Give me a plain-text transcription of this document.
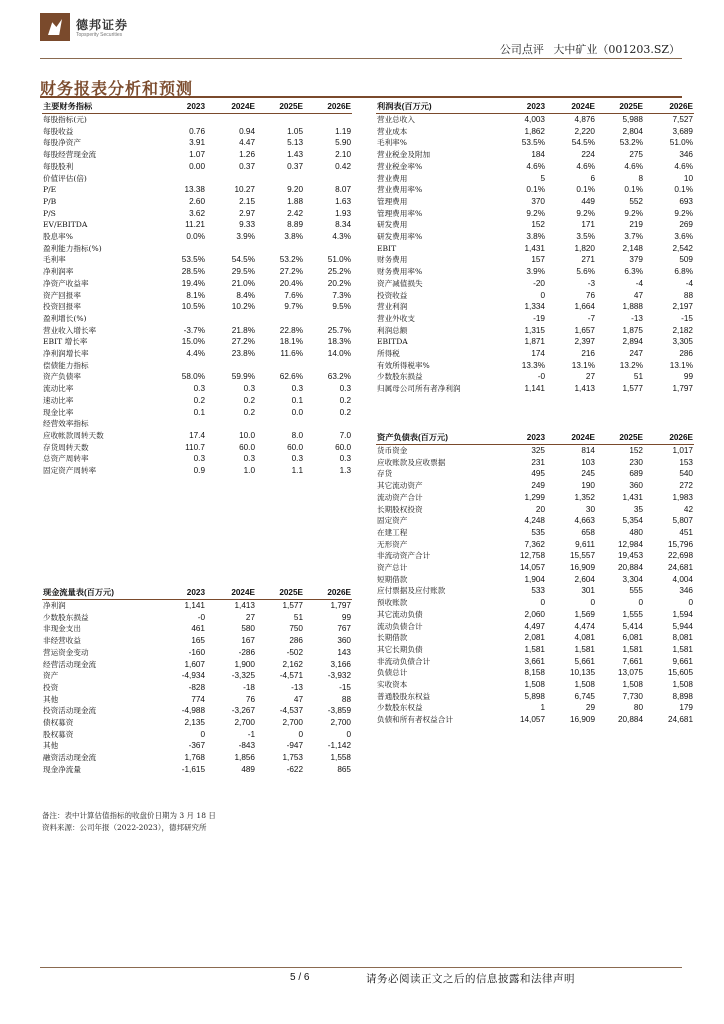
德邦证券
Topsperity Securities
公司点评 大中矿业（001203.SZ）
财务报表分析和预测
主要财务指标	2023	2024E	2025E	2026E
每股指标(元)				
每股收益	0.76	0.94	1.05	1.19
每股净资产	3.91	4.47	5.13	5.90
每股经营现金流	1.07	1.26	1.43	2.10
每股股利	0.00	0.37	0.37	0.42
价值评估(倍)				
P/E	13.38	10.27	9.20	8.07
P/B	2.60	2.15	1.88	1.63
P/S	3.62	2.97	2.42	1.93
EV/EBITDA	11.21	9.33	8.89	8.34
股息率%	0.0%	3.9%	3.8%	4.3%
盈利能力指标(%)				
毛利率	53.5%	54.5%	53.2%	51.0%
净利润率	28.5%	29.5%	27.2%	25.2%
净资产收益率	19.4%	21.0%	20.4%	20.2%
资产回报率	8.1%	8.4%	7.6%	7.3%
投资回报率	10.5%	10.2%	9.7%	9.5%
盈利增长(%)				
营业收入增长率	-3.7%	21.8%	22.8%	25.7%
EBIT 增长率	15.0%	27.2%	18.1%	18.3%
净利润增长率	4.4%	23.8%	11.6%	14.0%
偿债能力指标				
资产负债率	58.0%	59.9%	62.6%	63.2%
流动比率	0.3	0.3	0.3	0.3
速动比率	0.2	0.2	0.1	0.2
现金比率	0.1	0.2	0.0	0.2
经营效率指标				
应收帐款周转天数	17.4	10.0	8.0	7.0
存货周转天数	110.7	60.0	60.0	60.0
总资产周转率	0.3	0.3	0.3	0.3
固定资产周转率	0.9	1.0	1.1	1.3
利润表(百万元)	2023	2024E	2025E	2026E
营业总收入	4,003	4,876	5,988	7,527
营业成本	1,862	2,220	2,804	3,689
毛利率%	53.5%	54.5%	53.2%	51.0%
营业税金及附加	184	224	275	346
营业税金率%	4.6%	4.6%	4.6%	4.6%
营业费用	5	6	8	10
营业费用率%	0.1%	0.1%	0.1%	0.1%
管理费用	370	449	552	693
管理费用率%	9.2%	9.2%	9.2%	9.2%
研发费用	152	171	219	269
研发费用率%	3.8%	3.5%	3.7%	3.6%
EBIT	1,431	1,820	2,148	2,542
财务费用	157	271	379	509
财务费用率%	3.9%	5.6%	6.3%	6.8%
资产减值损失	-20	-3	-4	-4
投资收益	0	76	47	88
营业利润	1,334	1,664	1,888	2,197
营业外收支	-19	-7	-13	-15
利润总额	1,315	1,657	1,875	2,182
EBITDA	1,871	2,397	2,894	3,305
所得税	174	216	247	286
有效所得税率%	13.3%	13.1%	13.2%	13.1%
少数股东损益	-0	27	51	99
归属母公司所有者净利润	1,141	1,413	1,577	1,797
资产负债表(百万元)	2023	2024E	2025E	2026E
货币资金	325	814	152	1,017
应收账款及应收票据	231	103	230	153
存货	495	245	689	540
其它流动资产	249	190	360	272
流动资产合计	1,299	1,352	1,431	1,983
长期股权投资	20	30	35	42
固定资产	4,248	4,663	5,354	5,807
在建工程	535	658	480	451
无形资产	7,362	9,611	12,984	15,796
非流动资产合计	12,758	15,557	19,453	22,698
资产总计	14,057	16,909	20,884	24,681
短期借款	1,904	2,604	3,304	4,004
应付票据及应付账款	533	301	555	346
预收账款	0	0	0	0
其它流动负债	2,060	1,569	1,555	1,594
流动负债合计	4,497	4,474	5,414	5,944
长期借款	2,081	4,081	6,081	8,081
其它长期负债	1,581	1,581	1,581	1,581
非流动负债合计	3,661	5,661	7,661	9,661
负债总计	8,158	10,135	13,075	15,605
实收资本	1,508	1,508	1,508	1,508
普通股股东权益	5,898	6,745	7,730	8,898
少数股东权益	1	29	80	179
负债和所有者权益合计	14,057	16,909	20,884	24,681
现金流量表(百万元)	2023	2024E	2025E	2026E
净利润	1,141	1,413	1,577	1,797
少数股东损益	-0	27	51	99
非现金支出	461	580	750	767
非经营收益	165	167	286	360
营运资金变动	-160	-286	-502	143
经营活动现金流	1,607	1,900	2,162	3,166
资产	-4,934	-3,325	-4,571	-3,932
投资	-828	-18	-13	-15
其他	774	76	47	88
投资活动现金流	-4,988	-3,267	-4,537	-3,859
债权募资	2,135	2,700	2,700	2,700
股权募资	0	-1	0	0
其他	-367	-843	-947	-1,142
融资活动现金流	1,768	1,856	1,753	1,558
现金净流量	-1,615	489	-622	865
备注：表中计算估值指标的收盘价日期为 3 月 18 日
资料来源：公司年报（2022-2023），德邦研究所
5 / 6	请务必阅读正文之后的信息披露和法律声明
